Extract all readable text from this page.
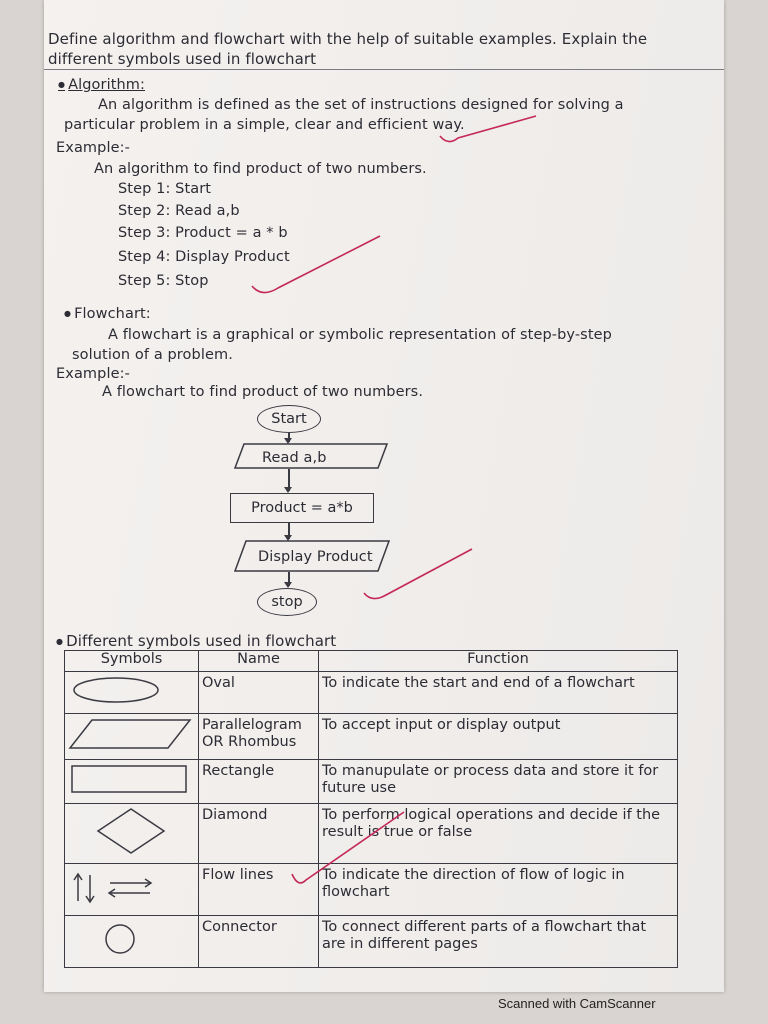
Define algorithm and flowchart with the help of suitable examples. Explain the
different symbols used in flowchart
● Algorithm:
An algorithm is defined as the set of instructions designed for solving a
particular problem in a simple, clear and efficient way.
Example:-
An algorithm to find product of two numbers.
Step 1: Start
Step 2: Read a,b
Step 3: Product = a * b
Step 4: Display Product
Step 5: Stop
● Flowchart:
A flowchart is a graphical or symbolic representation of step-by-step
solution of a problem.
Example:-
A flowchart to find product of two numbers.
Start
Read a,b
Product = a*b
Display Product
stop
● Different symbols used in flowchart
Symbols	Name	Function
	Oval	To indicate the start and end of a flowchart
	Parallelogram OR Rhombus	To accept input or display output
	Rectangle	To manupulate or process data and store it for future use
	Diamond	To perform logical operations and decide if the result is true or false
	Flow lines	To indicate the direction of flow of logic in flowchart
	Connector	To connect different parts of a flowchart that are in different pages
Scanned with CamScanner
